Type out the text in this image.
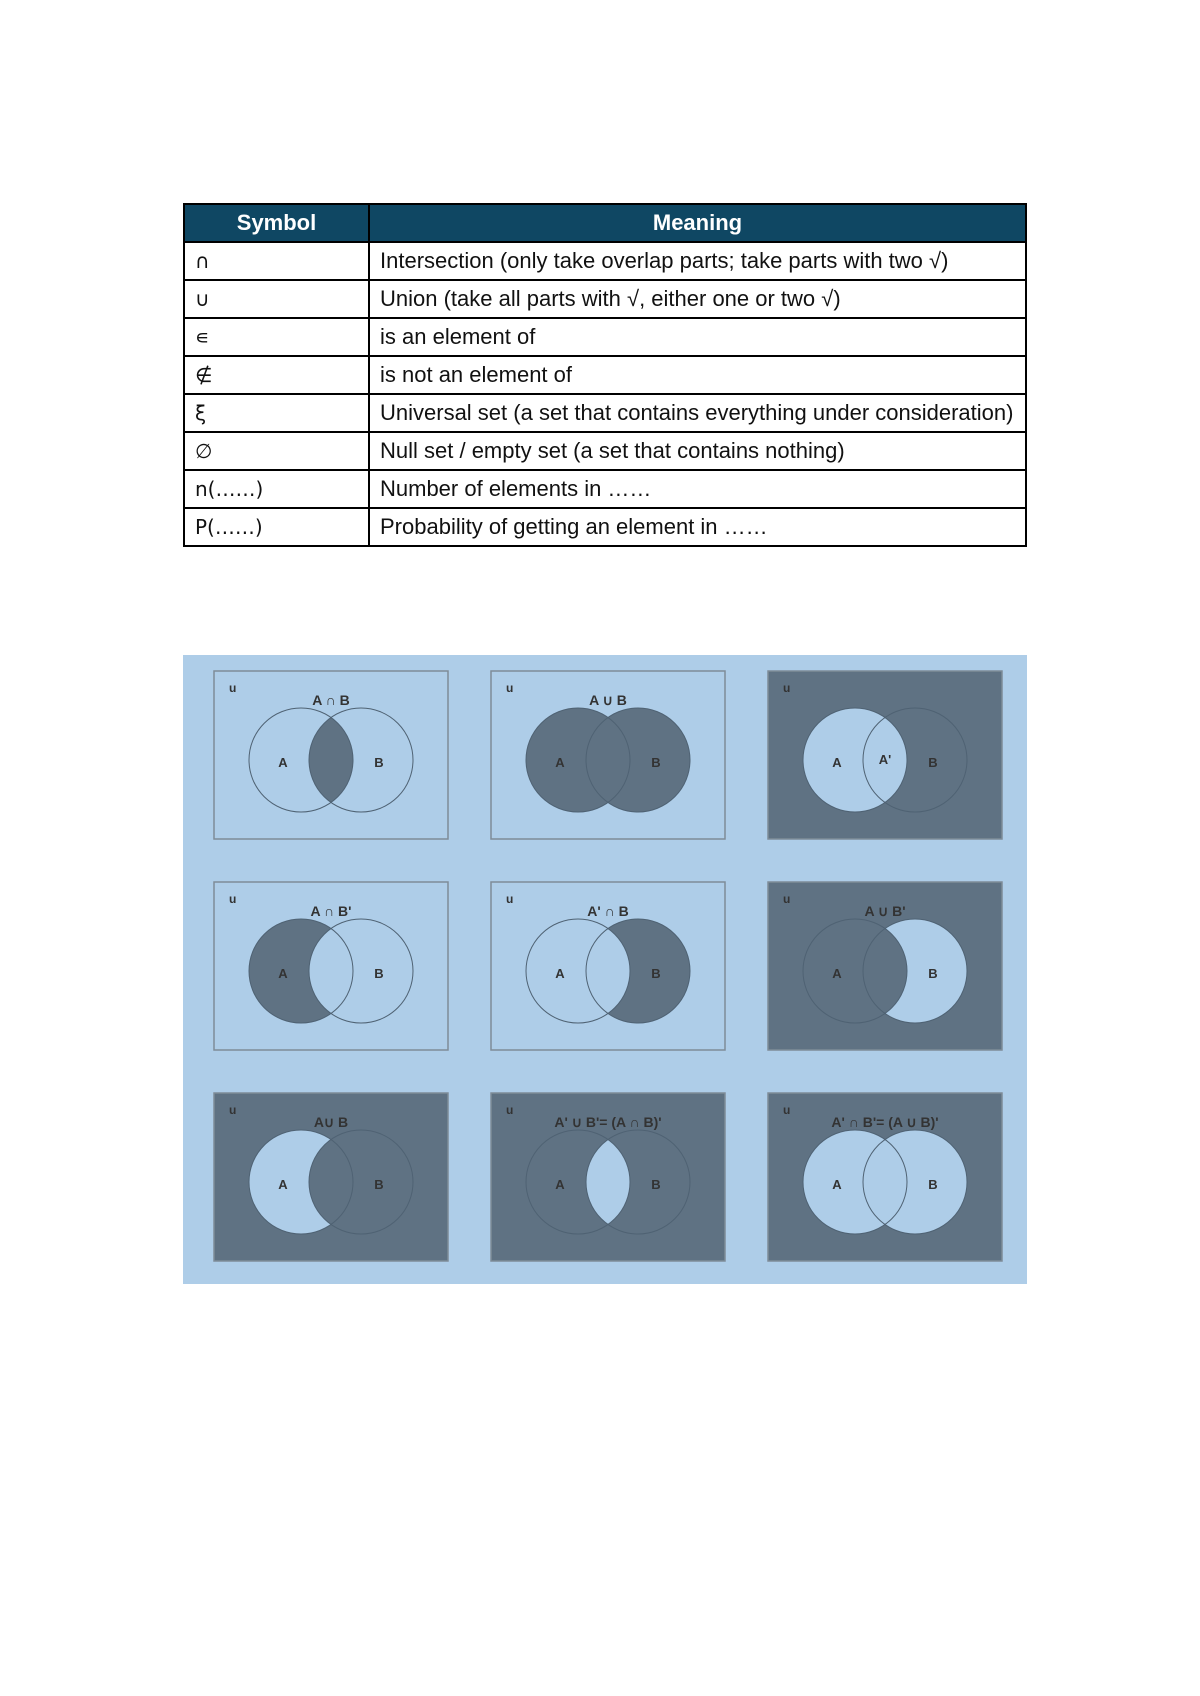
Symbol	Meaning
∩	Intersection (only take overlap parts; take parts with two √)
∪	Union (take all parts with √, either one or two √)
∊	is an element of
∉	is not an element of
ξ	Universal set (a set that contains everything under consideration)
∅	Null set / empty set (a set that contains nothing)
n(……)	Number of elements in ……
P(……)	Probability of getting an element in ……
u
A ∩ B
A	B
u
A ∪ B
A	B
u
A	B
A'
u
A ∩ B'
A	B
u
A' ∩ B
A	B
u
A ∪ B'
A	B
u
A∪ B
A	B
u
A' ∪ B'= (A ∩ B)'
A	B
u
A' ∩ B'= (A ∪ B)'
A	B
